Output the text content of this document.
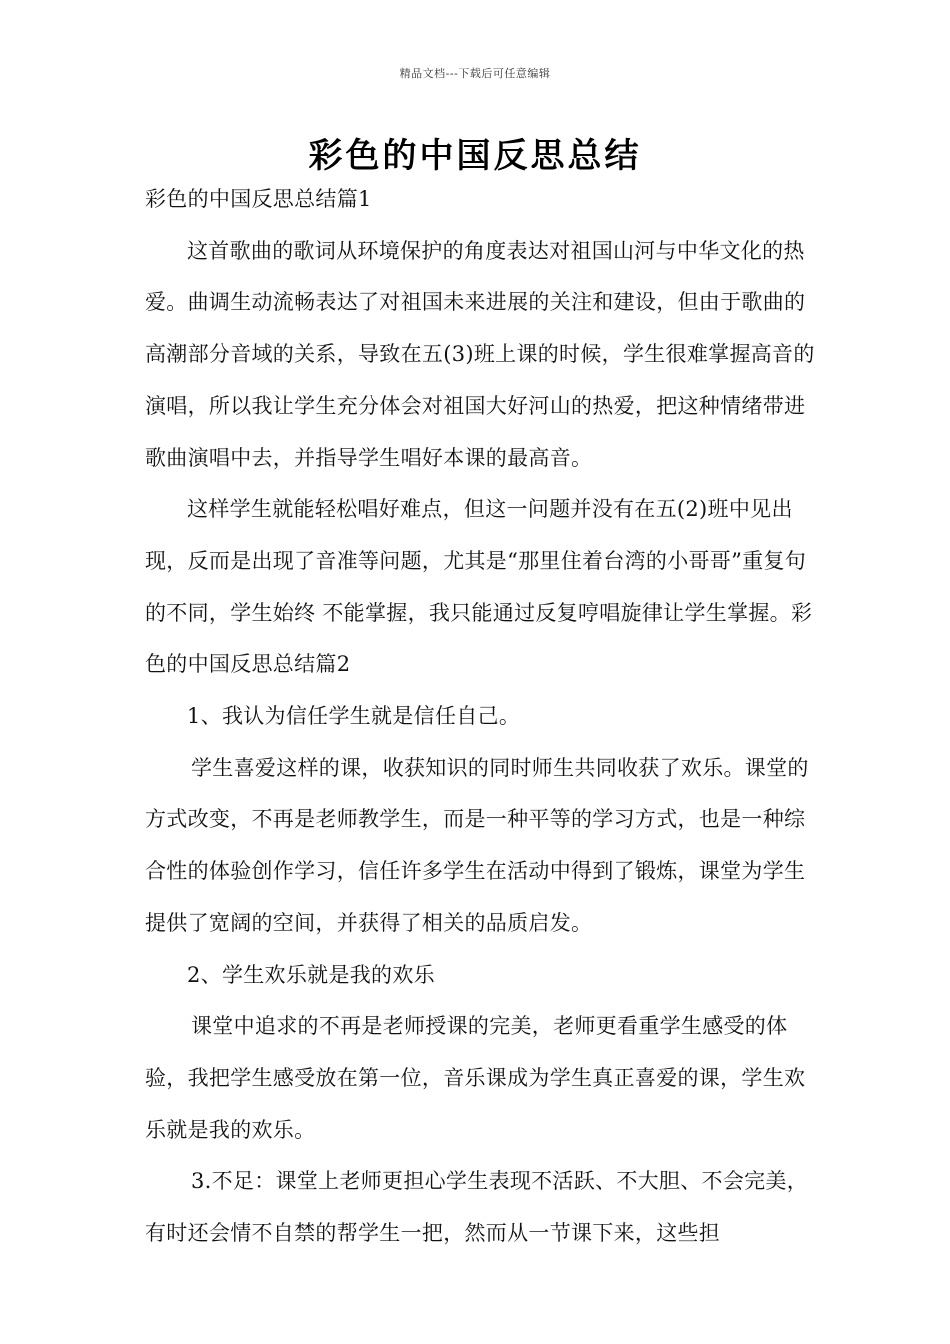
精品文档---下载后可任意编辑
彩色的中国反思总结

彩色的中国反思总结篇1

这首歌曲的歌词从环境保护的角度表达对祖国山河与中华文化的热爱。曲调生动流畅表达了对祖国未来进展的关注和建设，但由于歌曲的高潮部分音域的关系，导致在五(3)班上课的时候，学生很难掌握高音的演唱，所以我让学生充分体会对祖国大好河山的热爱，把这种情绪带进歌曲演唱中去，并指导学生唱好本课的最高音。

这样学生就能轻松唱好难点，但这一问题并没有在五(2)班中见出现，反而是出现了音准等问题，尤其是“那里住着台湾的小哥哥”重复句的不同，学生始终 不能掌握，我只能通过反复哼唱旋律让学生掌握。彩色的中国反思总结篇2

1、我认为信任学生就是信任自己。

学生喜爱这样的课，收获知识的同时师生共同收获了欢乐。课堂的方式改变，不再是老师教学生，而是一种平等的学习方式，也是一种综合性的体验创作学习，信任许多学生在活动中得到了锻炼，课堂为学生提供了宽阔的空间，并获得了相关的品质启发。

2、学生欢乐就是我的欢乐

课堂中追求的不再是老师授课的完美，老师更看重学生感受的体验，我把学生感受放在第一位，音乐课成为学生真正喜爱的课，学生欢乐就是我的欢乐。

3.不足：课堂上老师更担心学生表现不活跃、不大胆、不会完美，有时还会情不自禁的帮学生一把，然而从一节课下来，这些担
